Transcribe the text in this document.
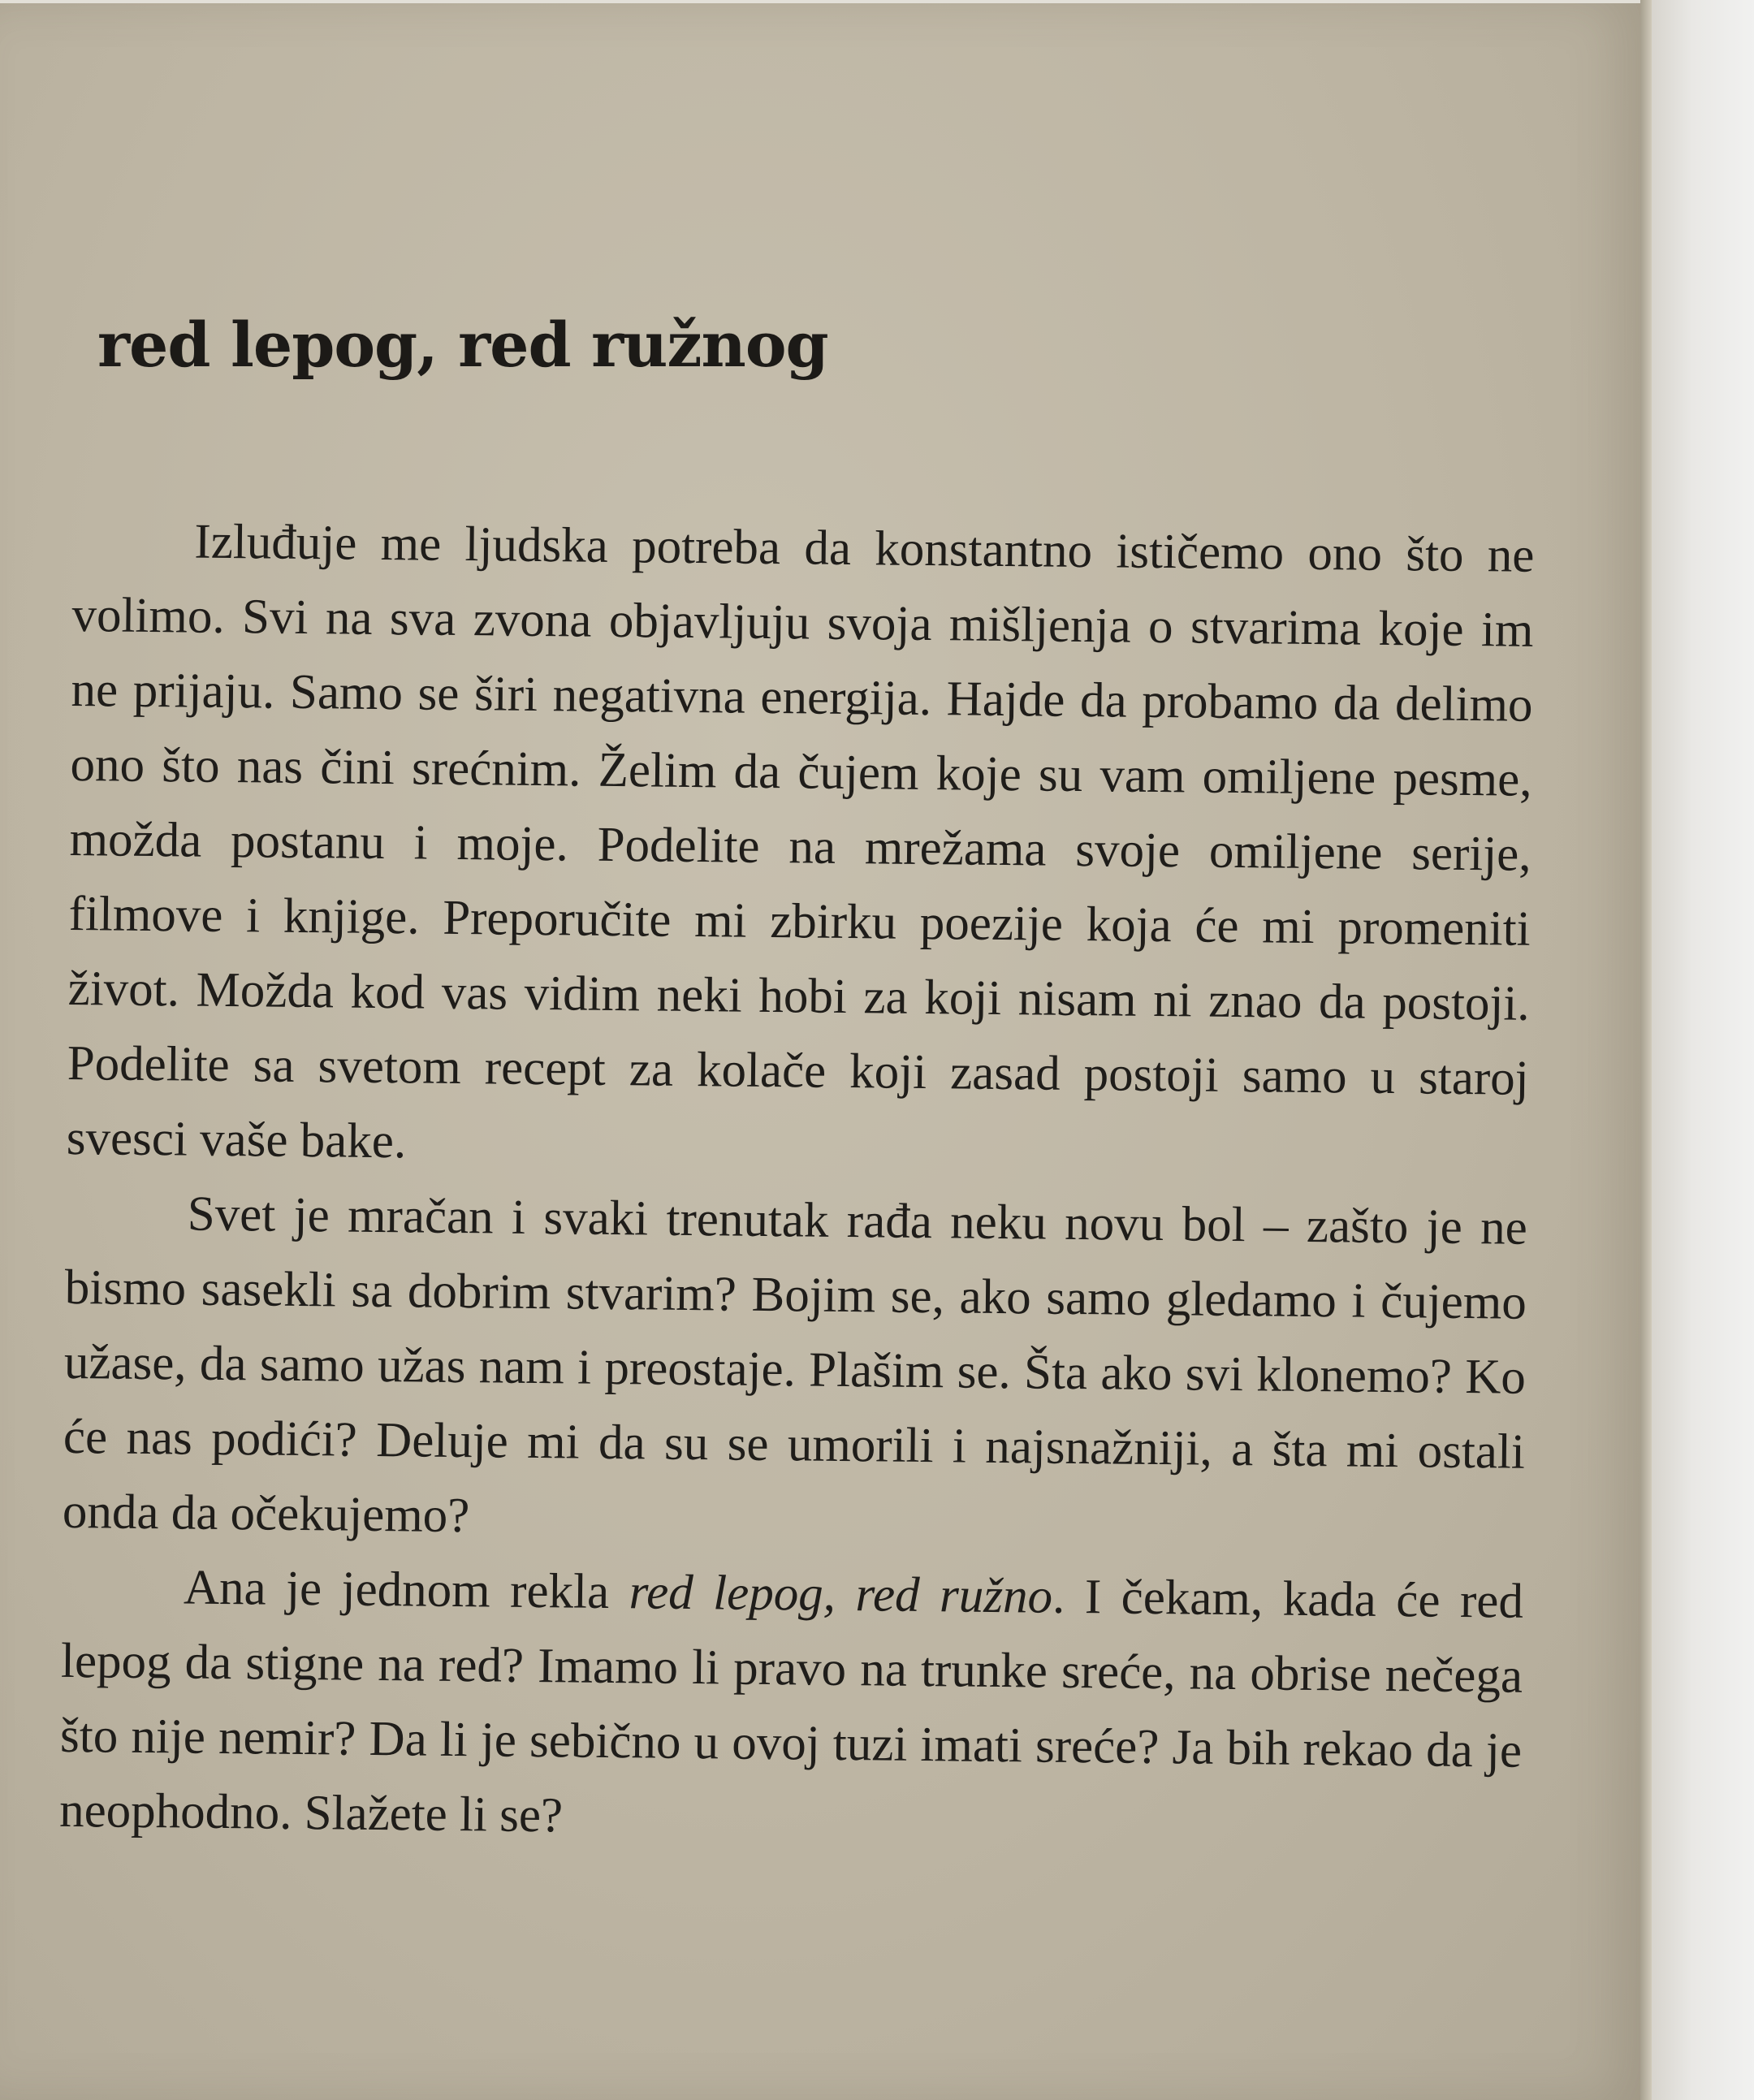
red lepog, red ružnog

Izluđuje me ljudska potreba da konstantno ističemo ono što ne volimo. Svi na sva zvona objavljuju svoja mišljenja o stvarima koje im ne prijaju. Samo se širi negativna energija. Hajde da probamo da delimo ono što nas čini srećnim. Želim da čujem koje su vam omiljene pesme, možda postanu i moje. Podelite na mrežama svoje omiljene serije, filmove i knjige. Preporučite mi zbirku poezije koja će mi promeniti život. Možda kod vas vidim neki hobi za koji nisam ni znao da postoji. Podelite sa svetom recept za kolače koji zasad postoji samo u staroj svesci vaše bake.

Svet je mračan i svaki trenutak rađa neku novu bol – zašto je ne bismo sasekli sa dobrim stvarim? Bojim se, ako samo gledamo i čujemo užase, da samo užas nam i preostaje. Plašim se. Šta ako svi klonemo? Ko će nas podići? Deluje mi da su se umorili i najsnažniji, a šta mi ostali onda da očekujemo?

Ana je jednom rekla red lepog, red ružno. I čekam, kada će red lepog da stigne na red? Imamo li pravo na trunke sreće, na obrise nečega što nije nemir? Da li je sebično u ovoj tuzi imati sreće? Ja bih rekao da je neophodno. Slažete li se?
